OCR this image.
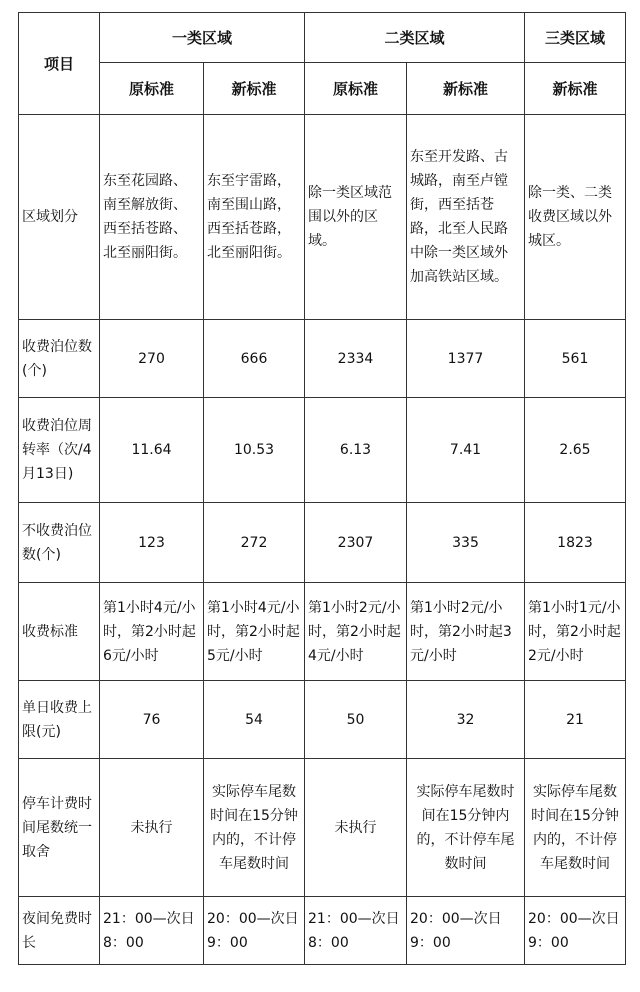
项目	一类区域		二类区域		三类区域
	原标准	新标准	原标准	新标准	新标准
区域划分	东至花园路、南至解放街、西至括苍路、北至丽阳街。	东至宇雷路，南至围山路，西至括苍路，北至丽阳街。	除一类区域范围以外的区域。	东至开发路、古城路，南至卢镗街，西至括苍路，北至人民路中除一类区域外加高铁站区域。	除一类、二类收费区域以外城区。
收费泊位数(个)	270	666	2334	1377	561
收费泊位周转率（次/4月13日)	11.64	10.53	6.13	7.41	2.65
不收费泊位数(个)	123	272	2307	335	1823
收费标准	第1小时4元/小时，第2小时起6元/小时	第1小时4元/小时，第2小时起5元/小时	第1小时2元/小时，第2小时起4元/小时	第1小时2元/小时，第2小时起3元/小时	第1小时1元/小时，第2小时起2元/小时
单日收费上限(元)	76	54	50	32	21
停车计费时间尾数统一取舍	未执行	实际停车尾数时间在15分钟内的，不计停车尾数时间	未执行	实际停车尾数时间在15分钟内的，不计停车尾数时间	实际停车尾数时间在15分钟内的，不计停车尾数时间
夜间免费时长	21：00—次日8：00	20：00—次日9：00	21：00—次日8：00	20：00—次日9：00	20：00—次日9：00
